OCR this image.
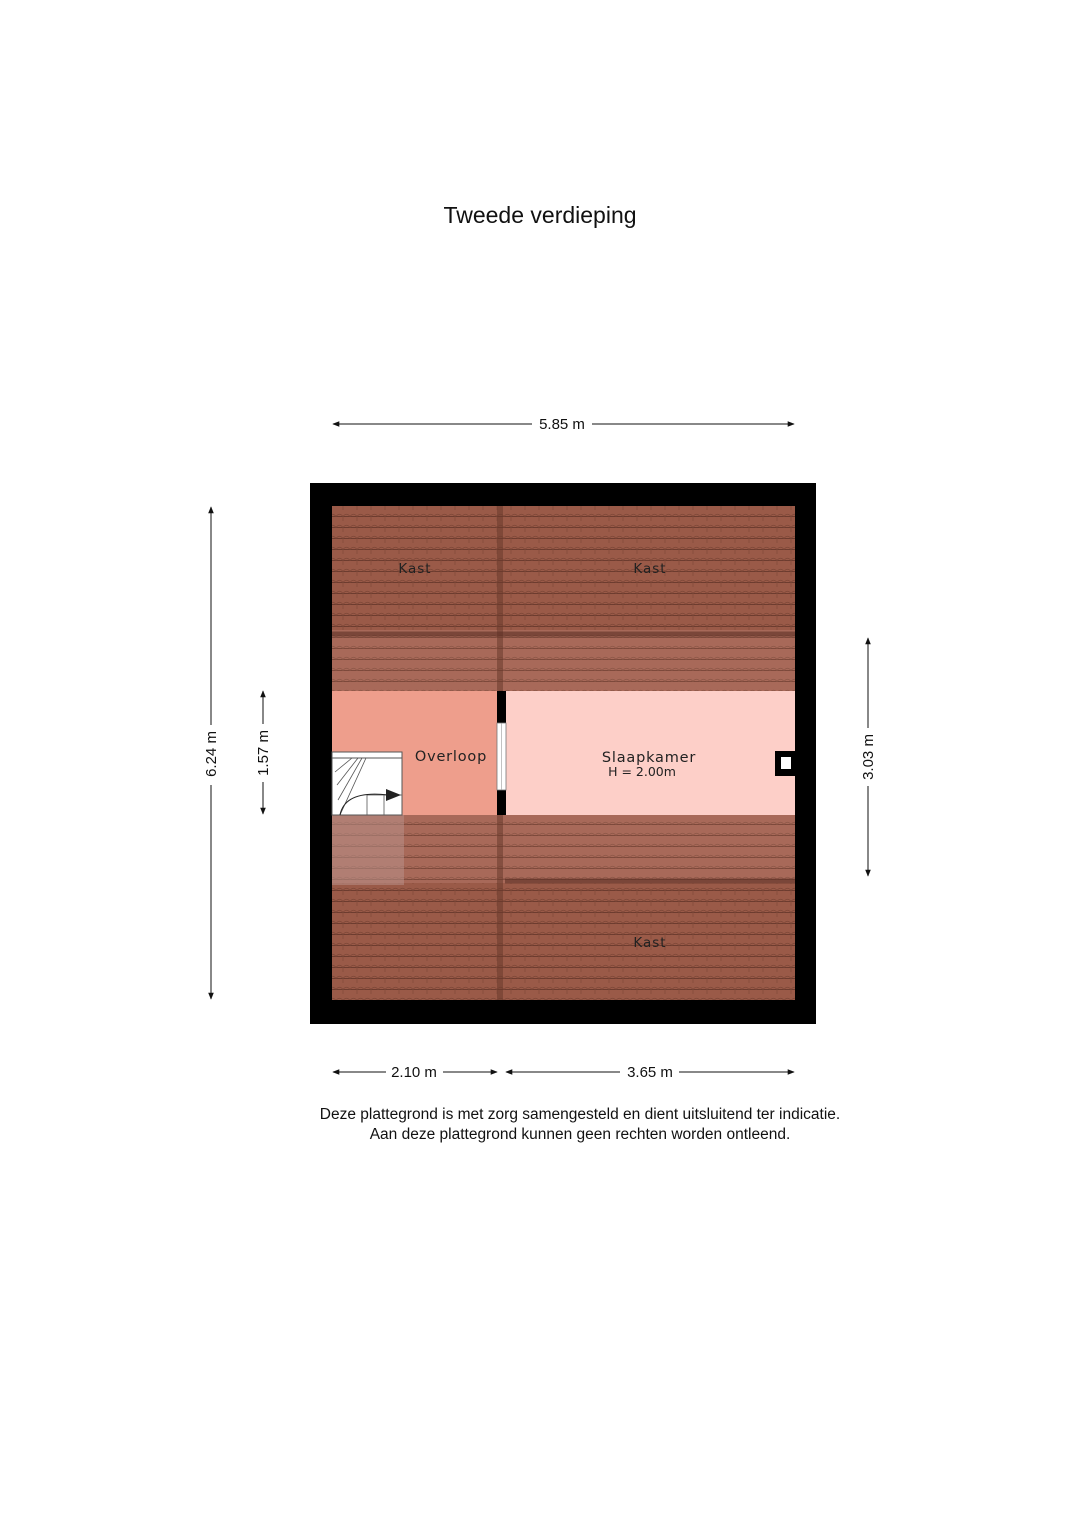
Tweede verdieping
Kast	Kast
Kast
Overloop	Slaapkamer
H = 2.00m
5.85 m
6.24 m 1.57 m	3.03 m
2.10 m	3.65 m
Deze plattegrond is met zorg samengesteld en dient uitsluitend ter indicatie.
Aan deze plattegrond kunnen geen rechten worden ontleend.
